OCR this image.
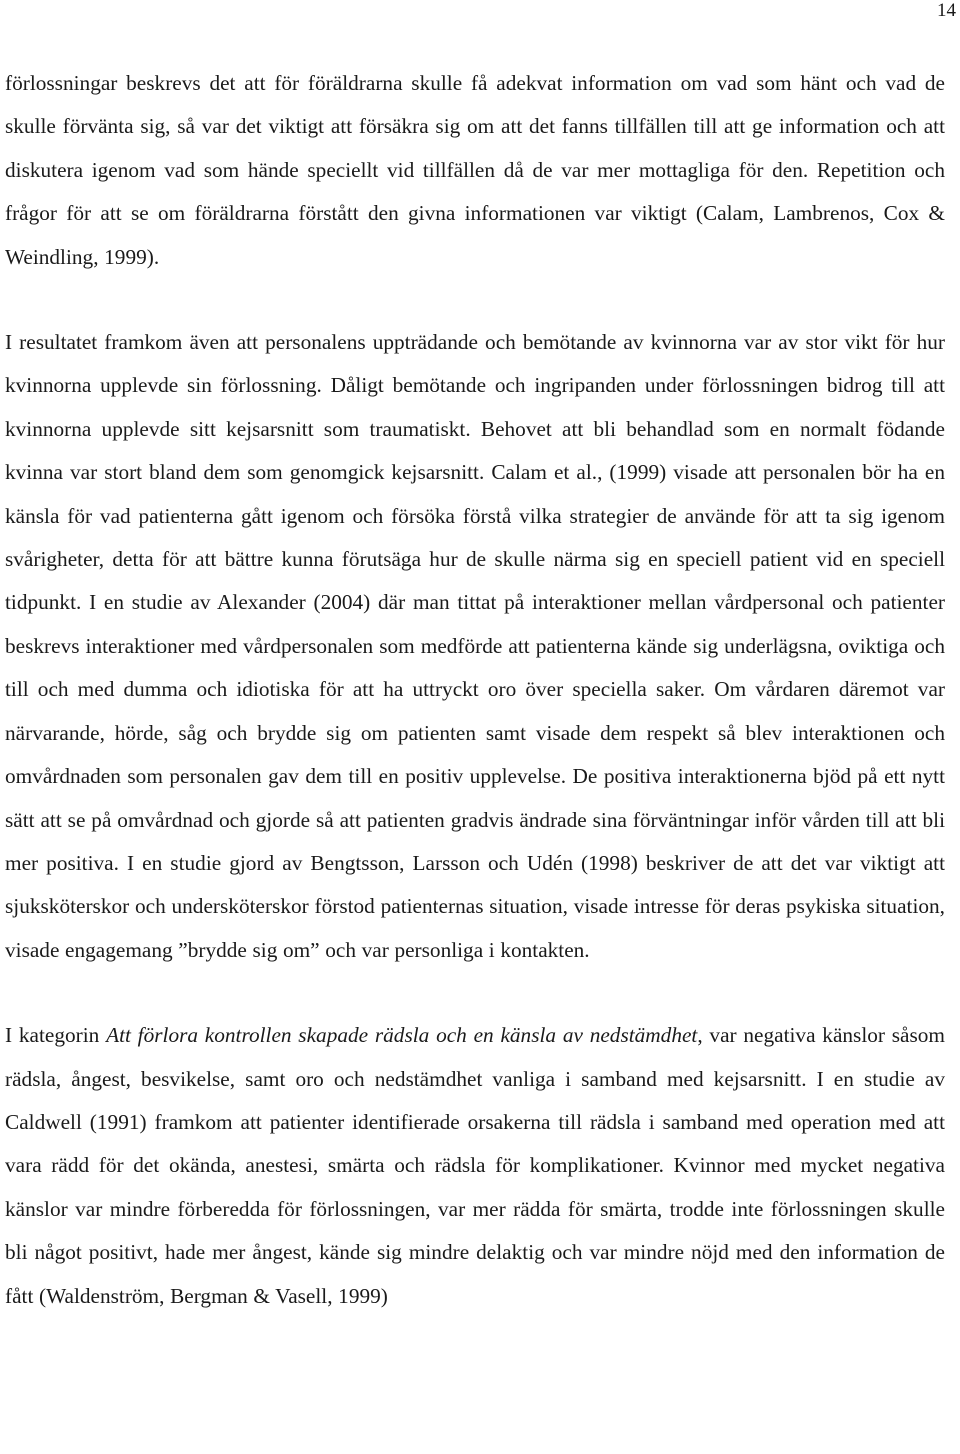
14

förlossningar beskrevs det att för föräldrarna skulle få adekvat information om vad som hänt och vad de skulle förvänta sig, så var det viktigt att försäkra sig om att det fanns tillfällen till att ge information och att diskutera igenom vad som hände speciellt vid tillfällen då de var mer mottagliga för den. Repetition och frågor för att se om föräldrarna förstått den givna informationen var viktigt (Calam, Lambrenos, Cox & Weindling, 1999).

I resultatet framkom även att personalens uppträdande och bemötande av kvinnorna var av stor vikt för hur kvinnorna upplevde sin förlossning. Dåligt bemötande och ingripanden under förlossningen bidrog till att kvinnorna upplevde sitt kejsarsnitt som traumatiskt. Behovet att bli behandlad som en normalt födande kvinna var stort bland dem som genomgick kejsarsnitt. Calam et al., (1999) visade att personalen bör ha en känsla för vad patienterna gått igenom och försöka förstå vilka strategier de använde för att ta sig igenom svårigheter, detta för att bättre kunna förutsäga hur de skulle närma sig en speciell patient vid en speciell tidpunkt. I en studie av Alexander (2004) där man tittat på interaktioner mellan vårdpersonal och patienter beskrevs interaktioner med vårdpersonalen som medförde att patienterna kände sig underlägsna, oviktiga och till och med dumma och idiotiska för att ha uttryckt oro över speciella saker. Om vårdaren däremot var närvarande, hörde, såg och brydde sig om patienten samt visade dem respekt så blev interaktionen och omvårdnaden som personalen gav dem till en positiv upplevelse. De positiva interaktionerna bjöd på ett nytt sätt att se på omvårdnad och gjorde så att patienten gradvis ändrade sina förväntningar inför vården till att bli mer positiva. I en studie gjord av Bengtsson, Larsson och Udén (1998) beskriver de att det var viktigt att sjuksköterskor och undersköterskor förstod patienternas situation, visade intresse för deras psykiska situation, visade engagemang ”brydde sig om” och var personliga i kontakten.

I kategorin Att förlora kontrollen skapade rädsla och en känsla av nedstämdhet, var negativa känslor såsom rädsla, ångest, besvikelse, samt oro och nedstämdhet vanliga i samband med kejsarsnitt. I en studie av Caldwell (1991) framkom att patienter identifierade orsakerna till rädsla i samband med operation med att vara rädd för det okända, anestesi, smärta och rädsla för komplikationer. Kvinnor med mycket negativa känslor var mindre förberedda för förlossningen, var mer rädda för smärta, trodde inte förlossningen skulle bli något positivt, hade mer ångest, kände sig mindre delaktig och var mindre nöjd med den information de fått (Waldenström, Bergman & Vasell, 1999)
